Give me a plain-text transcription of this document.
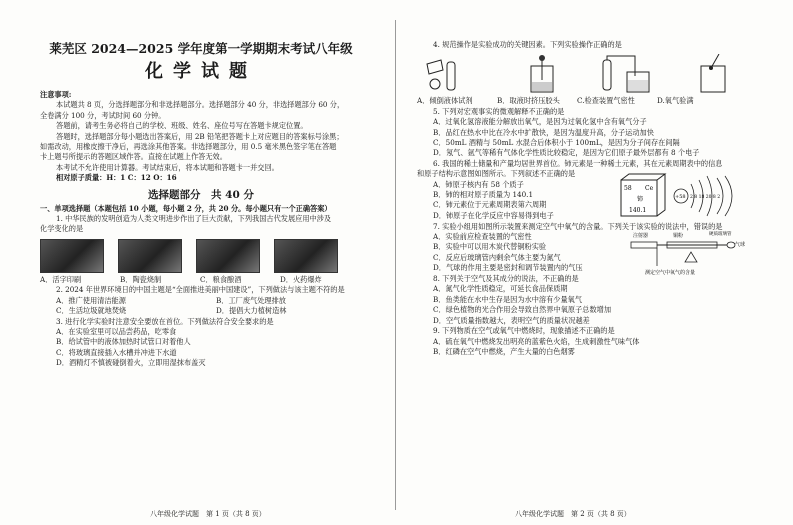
莱芜区 2024—2025 学年度第一学期期末考试八年级
化学试题
注意事项:
本试题共 8 页，分选择题部分和非选择题部分。选择题部分 40 分，非选择题部分 60 分，
全卷满分 100 分，考试时间 60 分钟。
答题前，请考生务必将自己的学校、班级、姓名、座位号写在答题卡规定位置。
答题时，选择题部分每小题选出答案后，用 2B 铅笔把答题卡上对应题目的答案标号涂黑；
如需改动，用橡皮擦干净后，再选涂其他答案。非选择题部分，用 0.5 毫米黑色签字笔在答题
卡上题号所提示的答题区域作答。直接在试题上作答无效。
本考试不允许使用计算器。考试结束后，将本试题和答题卡一并交回。
相对原子质量：H：1 C：12 O：16
选择题部分　共 40 分
一、单项选择题（本题包括 10 小题，每小题 2 分，共 20 分。每小题只有一个正确答案）
1. 中华民族的发明创造为人类文明进步作出了巨大贡献，下列我国古代发展应用中涉及
化学变化的是
A．活字印刷	B．陶瓷烧制	C．粮食酿酒	D．火药爆炸
2. 2024 年世界环境日的中国主题是“全面推进美丽中国建设”，下列做法与该主题不符的是
A．推广使用清洁能源	B．工厂废气处理排放
C．生活垃圾就地焚烧	D．提倡大力植树造林
3. 进行化学实验时注意安全要放在首位。下列做法符合安全要求的是
A．在实验室里可以品尝药品，吃零食
B．给试管中的液体加热时试管口对着他人
C．将玻璃直接插入水槽并冲进下水道
D．酒精灯不慎被碰倒着火，立即用湿抹布盖灭
八年级化学试题　第 1 页（共 8 页）
4. 规范操作是实验成功的关键因素。下列实验操作正确的是
A．倾倒液体试剂	B．取液时挤压胶头	C.检查装置气密性	D.氧气验满
5. 下列对宏观事实的微观解释不正确的是
A．过氧化氢溶液能分解放出氧气，是因为过氧化氢中含有氧气分子
B．品红在热水中比在冷水中扩散快，是因为温度升高，分子运动加快
C．50mL 酒精与 50mL 水混合后体积小于 100mL，是因为分子间存在间隔
D．氖气、氩气等稀有气体化学性质比较稳定，是因为它们原子最外层都有 8 个电子
6. 我国的稀土储量和产量均居世界首位。铈元素是一种稀土元素，其在元素周期表中的信息
和原子结构示意图如图所示。下列叙述不正确的是
A．铈原子核内有 58 个质子
B．铈的相对原子质量为 140.1
C．铈元素位于元素周期表第六周期
D．铈原子在化学反应中容易得到电子
58 Ce
铈
140.1
+58 2 8 18 20 8 2
7. 实验小组用如图所示装置来测定空气中氧气的含量。下列关于该实验的说法中，错误的是
A．实验前应检查装置的气密性
B．实验中可以用木炭代替铜粉实验
C．反应后玻璃管内剩余气体主要为氮气
D．气球的作用主要是密封和调节装置内的气压
注射器	铜粉	硬质玻璃管
气球
测定空气中氧气的含量
8. 下列关于空气及其成分的说法，不正确的是
A．氮气化学性质稳定，可延长食品保质期
B．鱼类能在水中生存是因为水中溶有少量氧气
C．绿色植物的光合作用会导致自然界中氧原子总数增加
D．空气质量指数越大，表明空气的质量状况越差
9. 下列物质在空气或氧气中燃烧时，现象描述不正确的是
A．硫在氧气中燃烧发出明亮的蓝紫色火焰，生成刺激性气味气体
B．红磷在空气中燃烧，产生大量的白色烟雾
八年级化学试题　第 2 页（共 8 页）
